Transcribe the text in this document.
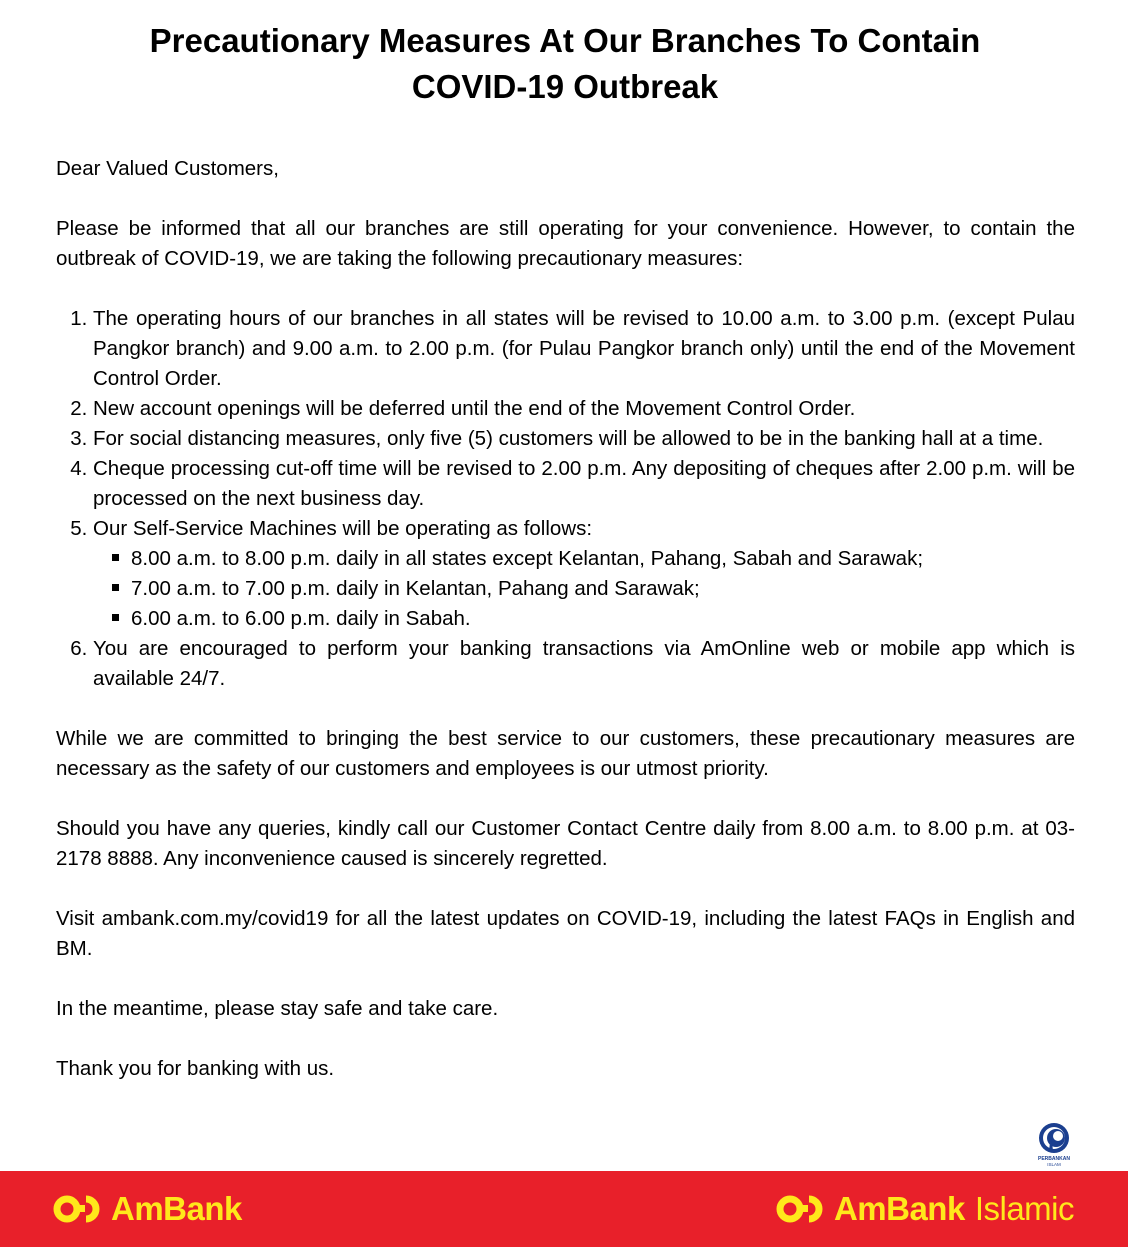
Precautionary Measures At Our Branches To Contain
COVID-19 Outbreak

Dear Valued Customers,

Please be informed that all our branches are still operating for your convenience. However, to contain the outbreak of COVID-19, we are taking the following precautionary measures:

1. The operating hours of our branches in all states will be revised to 10.00 a.m. to 3.00 p.m. (except Pulau Pangkor branch) and 9.00 a.m. to 2.00 p.m. (for Pulau Pangkor branch only) until the end of the Movement Control Order.
2. New account openings will be deferred until the end of the Movement Control Order.
3. For social distancing measures, only five (5) customers will be allowed to be in the banking hall at a time.
4. Cheque processing cut-off time will be revised to 2.00 p.m. Any depositing of cheques after 2.00 p.m. will be processed on the next business day.
5. Our Self-Service Machines will be operating as follows:
8.00 a.m. to 8.00 p.m. daily in all states except Kelantan, Pahang, Sabah and Sarawak;
7.00 a.m. to 7.00 p.m. daily in Kelantan, Pahang and Sarawak;
6.00 a.m. to 6.00 p.m. daily in Sabah.
6. You are encouraged to perform your banking transactions via AmOnline web or mobile app which is available 24/7.

While we are committed to bringing the best service to our customers, these precautionary measures are necessary as the safety of our customers and employees is our utmost priority.

Should you have any queries, kindly call our Customer Contact Centre daily from 8.00 a.m. to 8.00 p.m. at 03-2178 8888. Any inconvenience caused is sincerely regretted.

Visit ambank.com.my/covid19 for all the latest updates on COVID-19, including the latest FAQs in English and BM.

In the meantime, please stay safe and take care.

Thank you for banking with us.

PERBANKAN
ISLAM
AmBank	AmBank Islamic
